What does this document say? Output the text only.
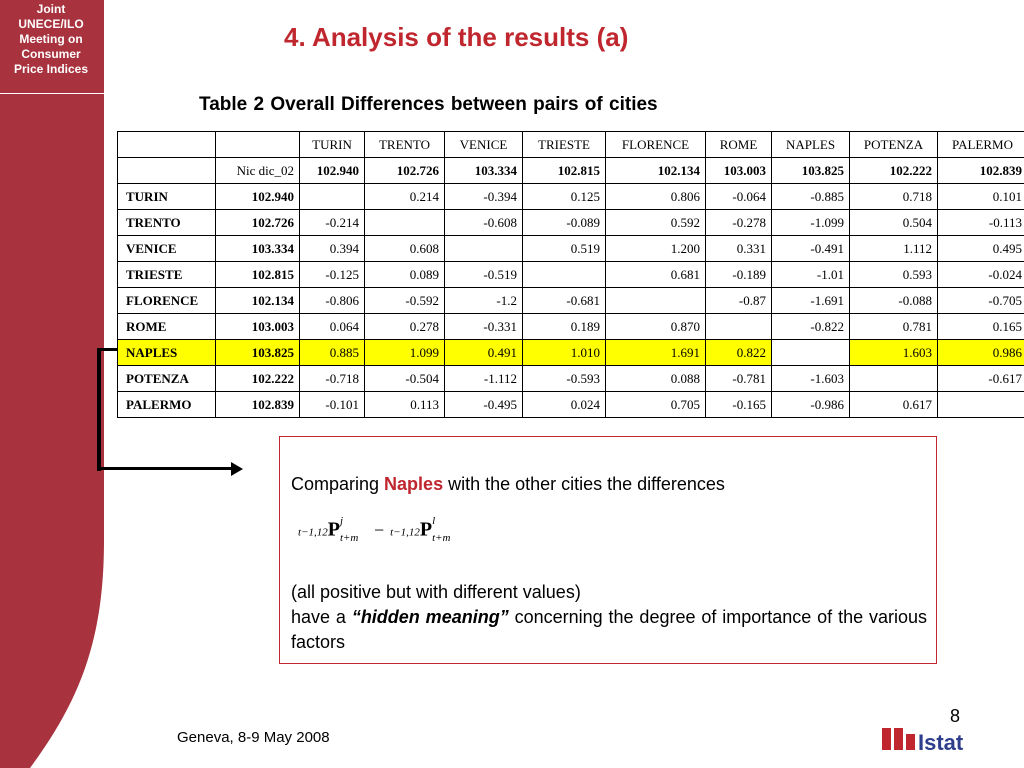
Joint
UNECE/ILO
Meeting on
Consumer
Price Indices
4. Analysis of the results (a)
Table 2 Overall Differences between pairs of cities
		TURIN	TRENTO	VENICE	TRIESTE	FLORENCE	ROME	NAPLES	POTENZA	PALERMO
	Nic dic_02	102.940	102.726	103.334	102.815	102.134	103.003	103.825	102.222	102.839
TURIN	102.940		0.214	-0.394	0.125	0.806	-0.064	-0.885	0.718	0.101
TRENTO	102.726	-0.214		-0.608	-0.089	0.592	-0.278	-1.099	0.504	-0.113
VENICE	103.334	0.394	0.608		0.519	1.200	0.331	-0.491	1.112	0.495
TRIESTE	102.815	-0.125	0.089	-0.519		0.681	-0.189	-1.01	0.593	-0.024
FLORENCE	102.134	-0.806	-0.592	-1.2	-0.681		-0.87	-1.691	-0.088	-0.705
ROME	103.003	0.064	0.278	-0.331	0.189	0.870		-0.822	0.781	0.165
NAPLES	103.825	0.885	1.099	0.491	1.010	1.691	0.822		1.603	0.986
POTENZA	102.222	-0.718	-0.504	-1.112	-0.593	0.088	-0.781	-1.603		-0.617
PALERMO	102.839	-0.101	0.113	-0.495	0.024	0.705	-0.165	-0.986	0.617	
Comparing Naples with the other cities the differences
t−1,12P j
t+m − t−1,12P l
t+m
(all positive but with different values)
have a “hidden meaning” concerning the degree of importance of the various factors
Geneva, 8-9 May 2008
8
Istat
